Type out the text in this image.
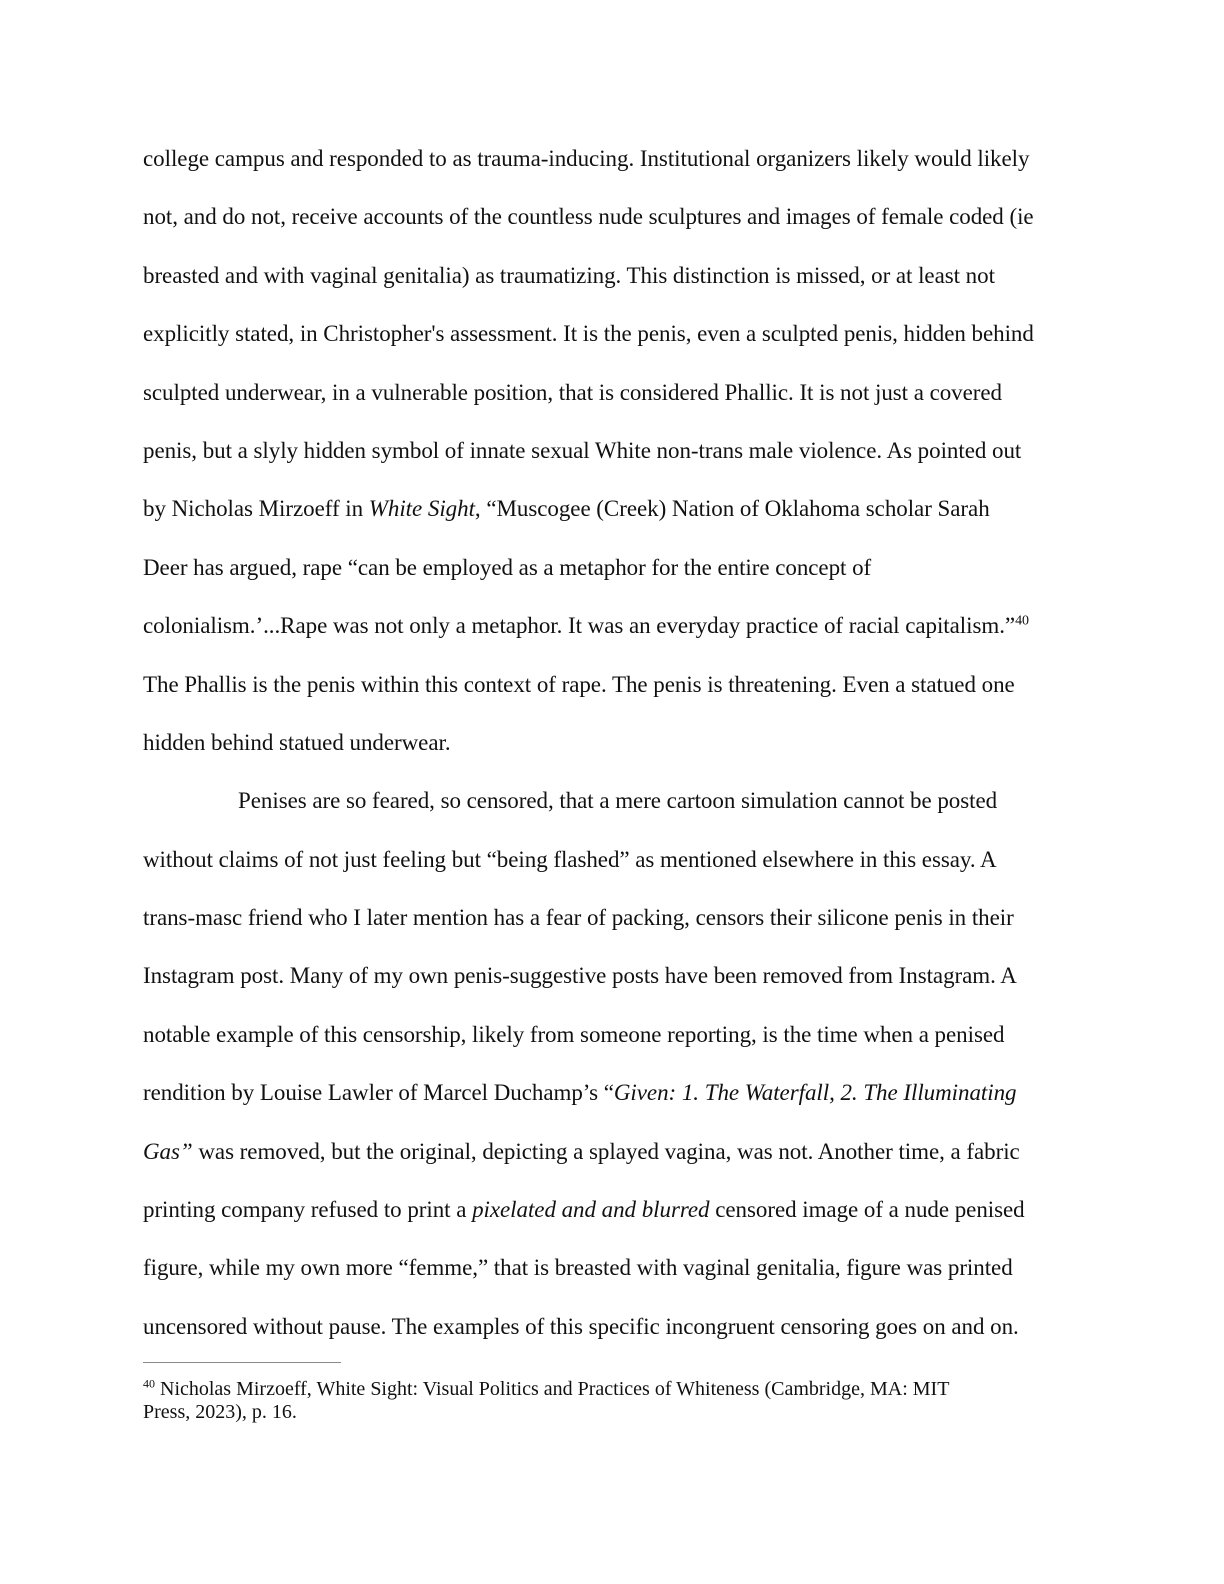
college campus and responded to as trauma-inducing. Institutional organizers likely would likely
not, and do not, receive accounts of the countless nude sculptures and images of female coded (ie
breasted and with vaginal genitalia) as traumatizing. This distinction is missed, or at least not
explicitly stated, in Christopher's assessment. It is the penis, even a sculpted penis, hidden behind
sculpted underwear, in a vulnerable position, that is considered Phallic. It is not just a covered
penis, but a slyly hidden symbol of innate sexual White non-trans male violence. As pointed out
by Nicholas Mirzoeff in White Sight, “Muscogee (Creek) Nation of Oklahoma scholar Sarah
Deer has argued, rape “can be employed as a metaphor for the entire concept of
colonialism.’...Rape was not only a metaphor. It was an everyday practice of racial capitalism.”$^{40}$
The Phallis is the penis within this context of rape. The penis is threatening. Even a statued one
hidden behind statued underwear.
Penises are so feared, so censored, that a mere cartoon simulation cannot be posted
without claims of not just feeling but “being flashed” as mentioned elsewhere in this essay. A
trans-masc friend who I later mention has a fear of packing, censors their silicone penis in their
Instagram post. Many of my own penis-suggestive posts have been removed from Instagram. A
notable example of this censorship, likely from someone reporting, is the time when a penised
rendition by Louise Lawler of Marcel Duchamp’s “Given: 1. The Waterfall, 2. The Illuminating
Gas” was removed, but the original, depicting a splayed vagina, was not. Another time, a fabric
printing company refused to print a pixelated and and blurred censored image of a nude penised
figure, while my own more “femme,” that is breasted with vaginal genitalia, figure was printed
uncensored without pause. The examples of this specific incongruent censoring goes on and on.
$^{40}$ Nicholas Mirzoeff, White Sight: Visual Politics and Practices of Whiteness (Cambridge, MA: MIT
Press, 2023), p. 16.
